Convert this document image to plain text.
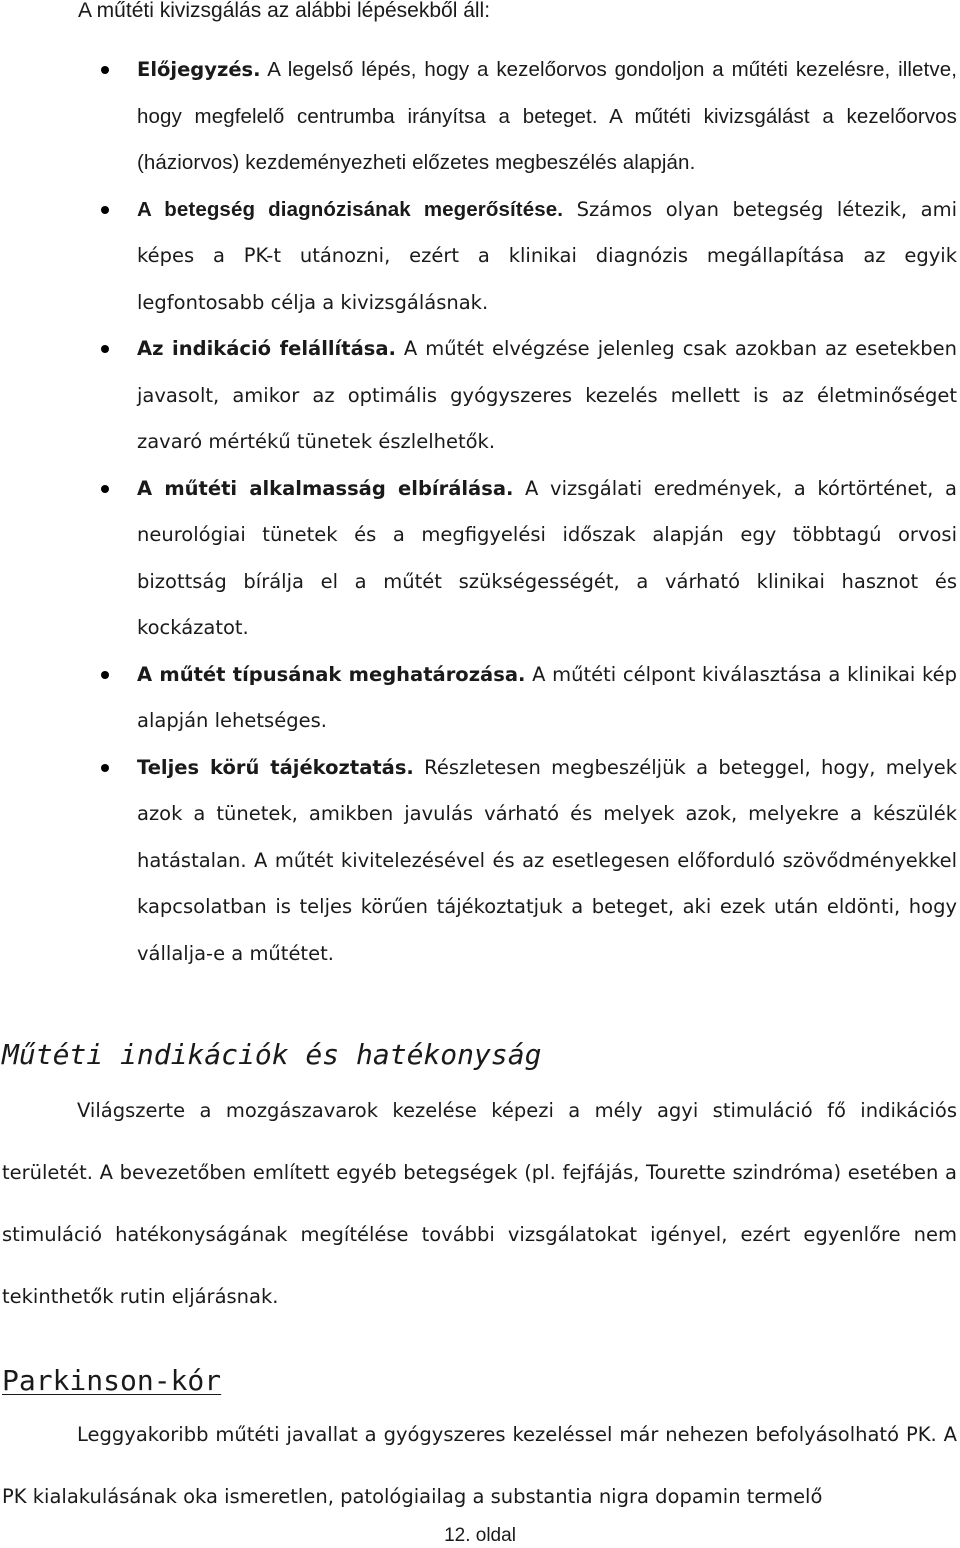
A műtéti kivizsgálás az alábbi lépésekből áll:

Előjegyzés. A legelső lépés, hogy a kezelőorvos gondoljon a műtéti kezelésre, illetve, hogy megfelelő centrumba irányítsa a beteget. A műtéti kivizsgálást a kezelőorvos (háziorvos) kezdeményezheti előzetes megbeszélés alapján.
A betegség diagnózisának megerősítése. Számos olyan betegség létezik, ami képes a PK-t utánozni, ezért a klinikai diagnózis megállapítása az egyik legfontosabb célja a kivizsgálásnak.
Az indikáció felállítása. A műtét elvégzése jelenleg csak azokban az esetekben javasolt, amikor az optimális gyógyszeres kezelés mellett is az életminőséget zavaró mértékű tünetek észlelhetők.
A műtéti alkalmasság elbírálása. A vizsgálati eredmények, a kórtörténet, a neurológiai tünetek és a megfigyelési időszak alapján egy többtagú orvosi bizottság bírálja el a műtét szükségességét, a várható klinikai hasznot és kockázatot.
A műtét típusának meghatározása. A műtéti célpont kiválasztása a klinikai kép alapján lehetséges.
Teljes körű tájékoztatás. Részletesen megbeszéljük a beteggel, hogy, melyek azok a tünetek, amikben javulás várható és melyek azok, melyekre a készülék hatástalan. A műtét kivitelezésével és az esetlegesen előforduló szövődményekkel kapcsolatban is teljes körűen tájékoztatjuk a beteget, aki ezek után eldönti, hogy vállalja-e a műtétet.
Műtéti indikációk és hatékonyság

Világszerte a mozgászavarok kezelése képezi a mély agyi stimuláció fő indikációs területét. A bevezetőben említett egyéb betegségek (pl. fejfájás, Tourette szindróma) esetében a stimuláció hatékonyságának megítélése további vizsgálatokat igényel, ezért egyenlőre nem tekinthetők rutin eljárásnak.

Parkinson-kór

Leggyakoribb műtéti javallat a gyógyszeres kezeléssel már nehezen befolyásolható PK. A PK kialakulásának oka ismeretlen, patológiailag a substantia nigra dopamin termelő

12. oldal
